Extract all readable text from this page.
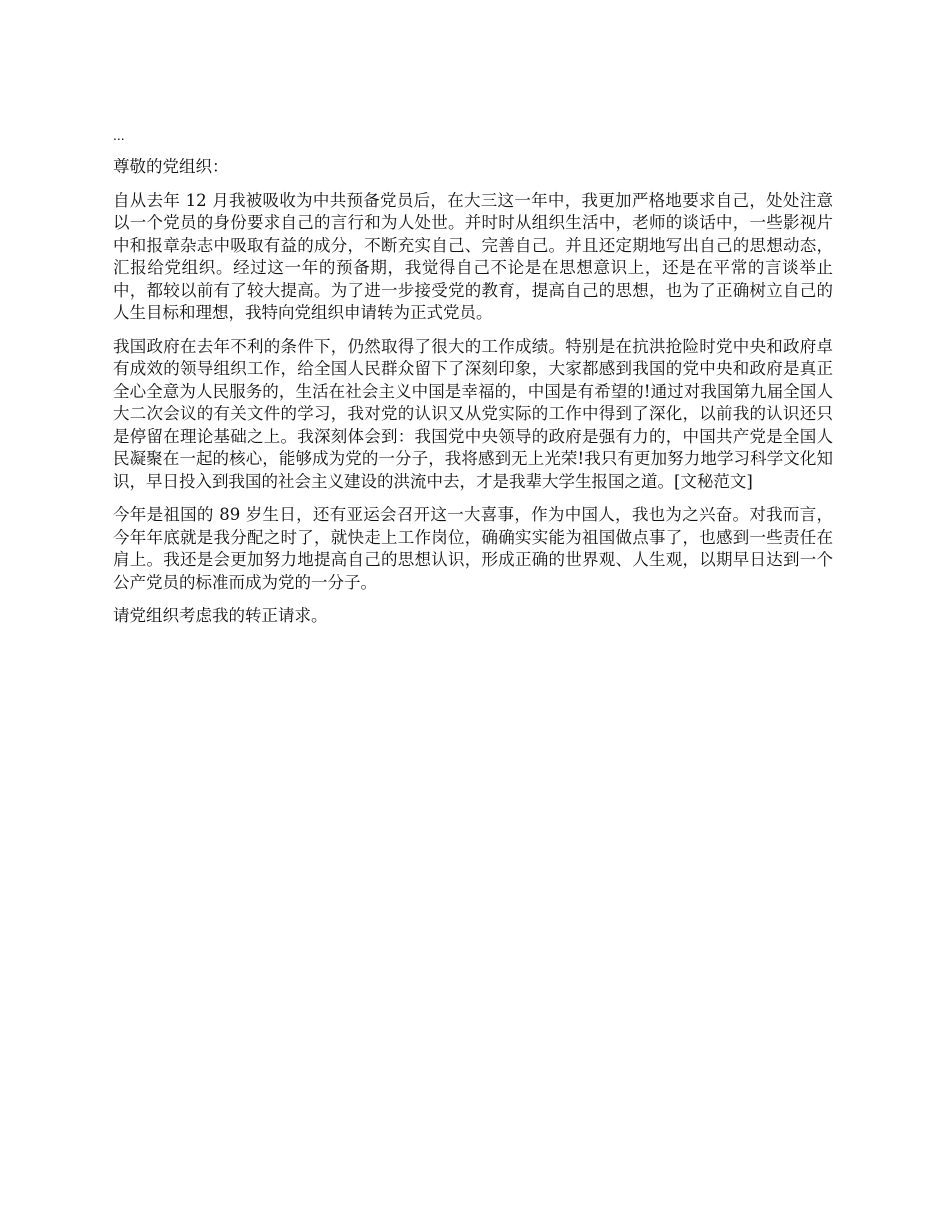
...

尊敬的党组织：

自从去年 12 月我被吸收为中共预备党员后，在大三这一年中，我更加严格地要求自己，处处注意以一个党员的身份要求自己的言行和为人处世。并时时从组织生活中，老师的谈话中，一些影视片中和报章杂志中吸取有益的成分，不断充实自己、完善自己。并且还定期地写出自己的思想动态，汇报给党组织。经过这一年的预备期，我觉得自己不论是在思想意识上，还是在平常的言谈举止中，都较以前有了较大提高。为了进一步接受党的教育，提高自己的思想，也为了正确树立自己的人生目标和理想，我特向党组织申请转为正式党员。

我国政府在去年不利的条件下，仍然取得了很大的工作成绩。特别是在抗洪抢险时党中央和政府卓有成效的领导组织工作，给全国人民群众留下了深刻印象，大家都感到我国的党中央和政府是真正全心全意为人民服务的，生活在社会主义中国是幸福的，中国是有希望的!通过对我国第九届全国人大二次会议的有关文件的学习，我对党的认识又从党实际的工作中得到了深化，以前我的认识还只是停留在理论基础之上。我深刻体会到：我国党中央领导的政府是强有力的，中国共产党是全国人民凝聚在一起的核心，能够成为党的一分子，我将感到无上光荣!我只有更加努力地学习科学文化知识，早日投入到我国的社会主义建设的洪流中去，才是我辈大学生报国之道。[文秘范文]

今年是祖国的 89 岁生日，还有亚运会召开这一大喜事，作为中国人，我也为之兴奋。对我而言，今年年底就是我分配之时了，就快走上工作岗位，确确实实能为祖国做点事了，也感到一些责任在肩上。我还是会更加努力地提高自己的思想认识，形成正确的世界观、人生观，以期早日达到一个公产党员的标准而成为党的一分子。

请党组织考虑我的转正请求。
